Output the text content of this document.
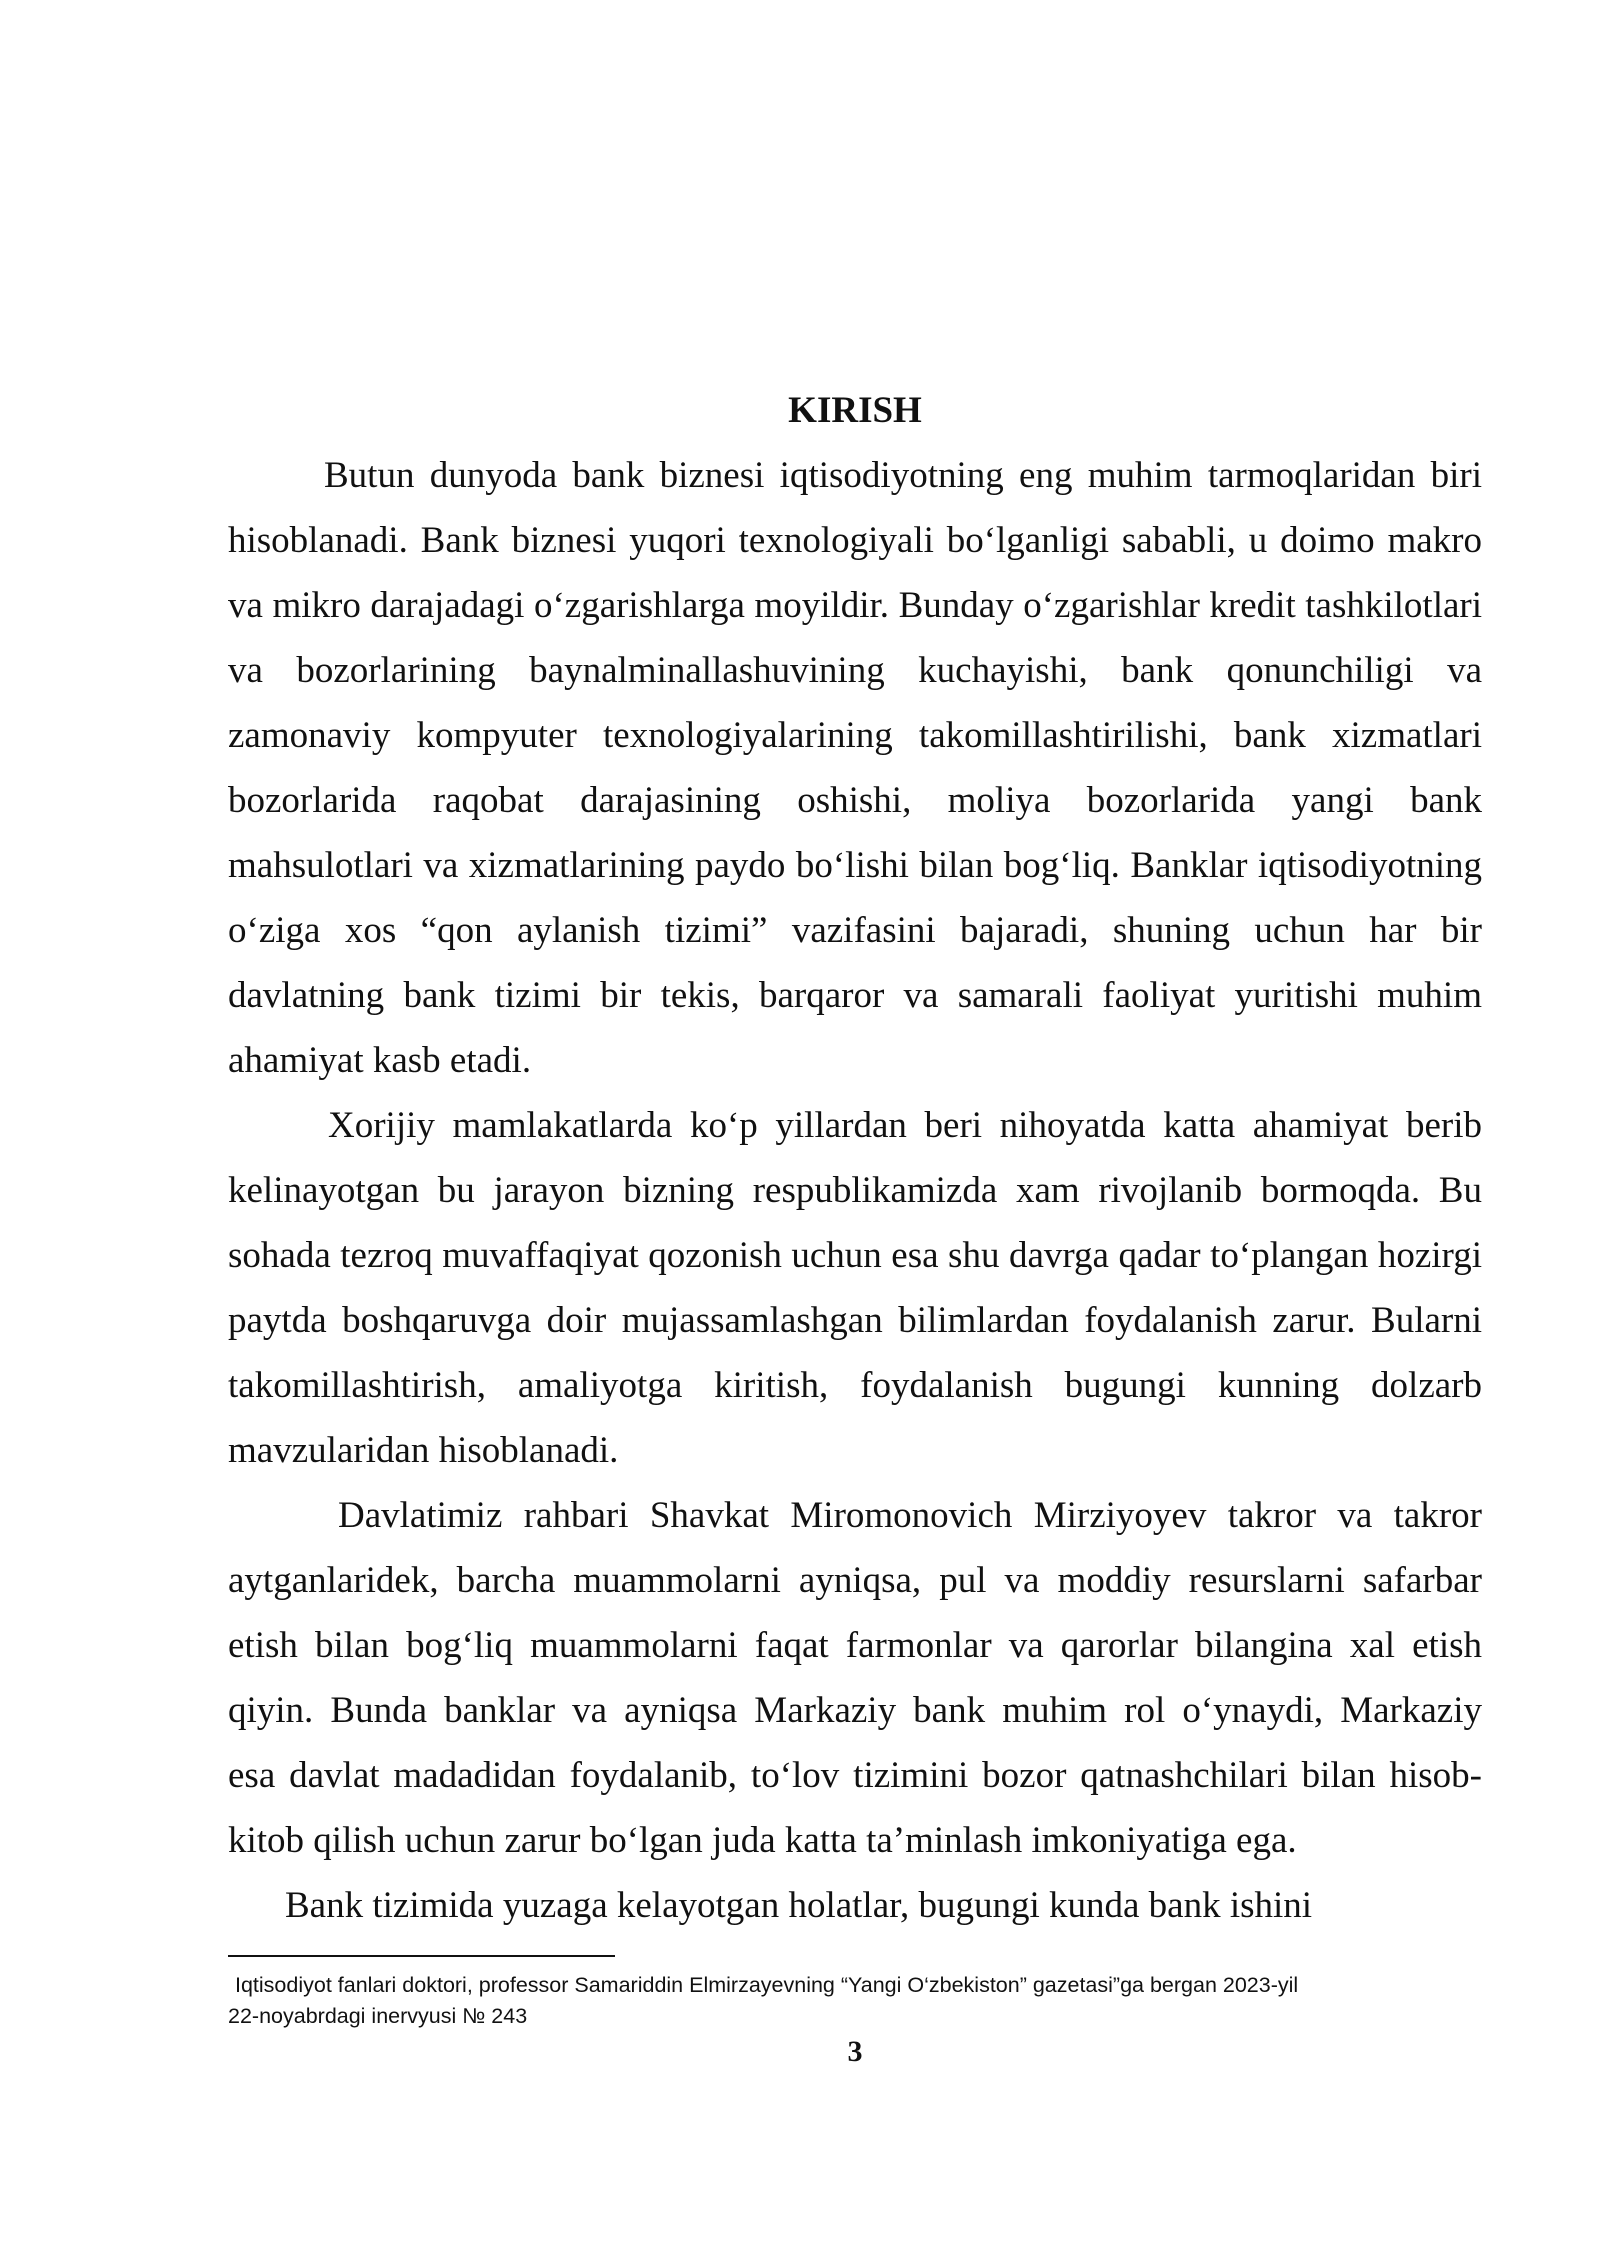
KIRISH
Butun dunyoda bank biznesi iqtisodiyotning eng muhim tarmoqlaridan biri
hisoblanadi. Bank biznesi yuqori texnologiyali bo‘lganligi sababli, u doimo makro
va mikro darajadagi o‘zgarishlarga moyildir. Bunday o‘zgarishlar kredit tashkilotlari
va bozorlarining baynalminallashuvining kuchayishi, bank qonunchiligi va
zamonaviy kompyuter texnologiyalarining takomillashtirilishi, bank xizmatlari
bozorlarida raqobat darajasining oshishi, moliya bozorlarida yangi bank
mahsulotlari va xizmatlarining paydo bo‘lishi bilan bog‘liq. Banklar iqtisodiyotning
o‘ziga xos “qon aylanish tizimi” vazifasini bajaradi, shuning uchun har bir
davlatning bank tizimi bir tekis, barqaror va samarali faoliyat yuritishi muhim
ahamiyat kasb etadi.
Xorijiy mamlakatlarda ko‘p yillardan beri nihoyatda katta ahamiyat berib
kelinayotgan bu jarayon bizning respublikamizda xam rivojlanib bormoqda. Bu
sohada tezroq muvaffaqiyat qozonish uchun esa shu davrga qadar to‘plangan hozirgi
paytda boshqaruvga doir mujassamlashgan bilimlardan foydalanish zarur. Bularni
takomillashtirish, amaliyotga kiritish, foydalanish bugungi kunning dolzarb
mavzularidan hisoblanadi.
Davlatimiz rahbari Shavkat Miromonovich Mirziyoyev takror va takror
aytganlaridek, barcha muammolarni ayniqsa, pul va moddiy resurslarni safarbar
etish bilan bog‘liq muammolarni faqat farmonlar va qarorlar bilangina xal etish
qiyin. Bunda banklar va ayniqsa Markaziy bank muhim rol o‘ynaydi, Markaziy
esa davlat madadidan foydalanib, to‘lov tizimini bozor qatnashchilari bilan hisob-
kitob qilish uchun zarur bo‘lgan juda katta ta’minlash imkoniyatiga ega.
Bank tizimida yuzaga kelayotgan holatlar, bugungi kunda bank ishini
Iqtisodiyot fanlari doktori, professor Samariddin Elmirzayevning “Yangi O‘zbekiston” gazetasi”ga bergan 2023-yil
22-noyabrdagi inervyusi № 243
3
